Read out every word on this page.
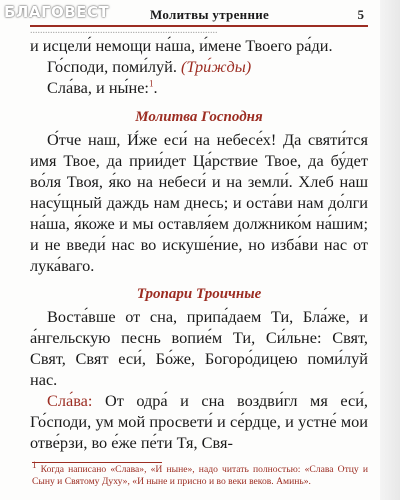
БЛАГОВЕСТ	Молитвы утренние	5
...........................................................................

и исцели́ немощи на́ша, и́мене Твоего ра́ди.

Го́споди, поми́луй. (Три́жды)

Сла́ва, и ны́не:$^1$.

Молитва Господня

О́тче наш, И́же еси́ на небесе́х! Да святи́тся имя Твое, да прии́дет Ца́рствие Твое, да бу́дет во́ля Твоя, я́ко на небеси́ и на земли́. Хлеб наш насу́щный даждь нам днесь; и оста́ви нам до́лги на́ша, я́коже и мы оставля́ем должнико́м на́шим; и не введи́ нас во искуше́ние, но изба́ви нас от лука́ваго.

Тропари Троичные

Воста́вше от сна, припа́даем Ти, Бла́же, и а́нгельскую песнь вопие́м Ти, Си́льне: Свят, Свят, Свят еси́, Бо́же, Богоро́дицею поми́луй нас.

Сла́ва: От одра́ и сна воздви́гл мя еси́, Го́споди, ум мой просвети́ и се́рдце, и устне́ мои отве́рзи, во е́же пе́ти Тя, Свя-

$^1$ Когда написано «Слава», «И ныне», надо читать полностью: «Слава Отцу и Сыну и Святому Духу», «И ныне и присно и во веки веков. Аминь».
